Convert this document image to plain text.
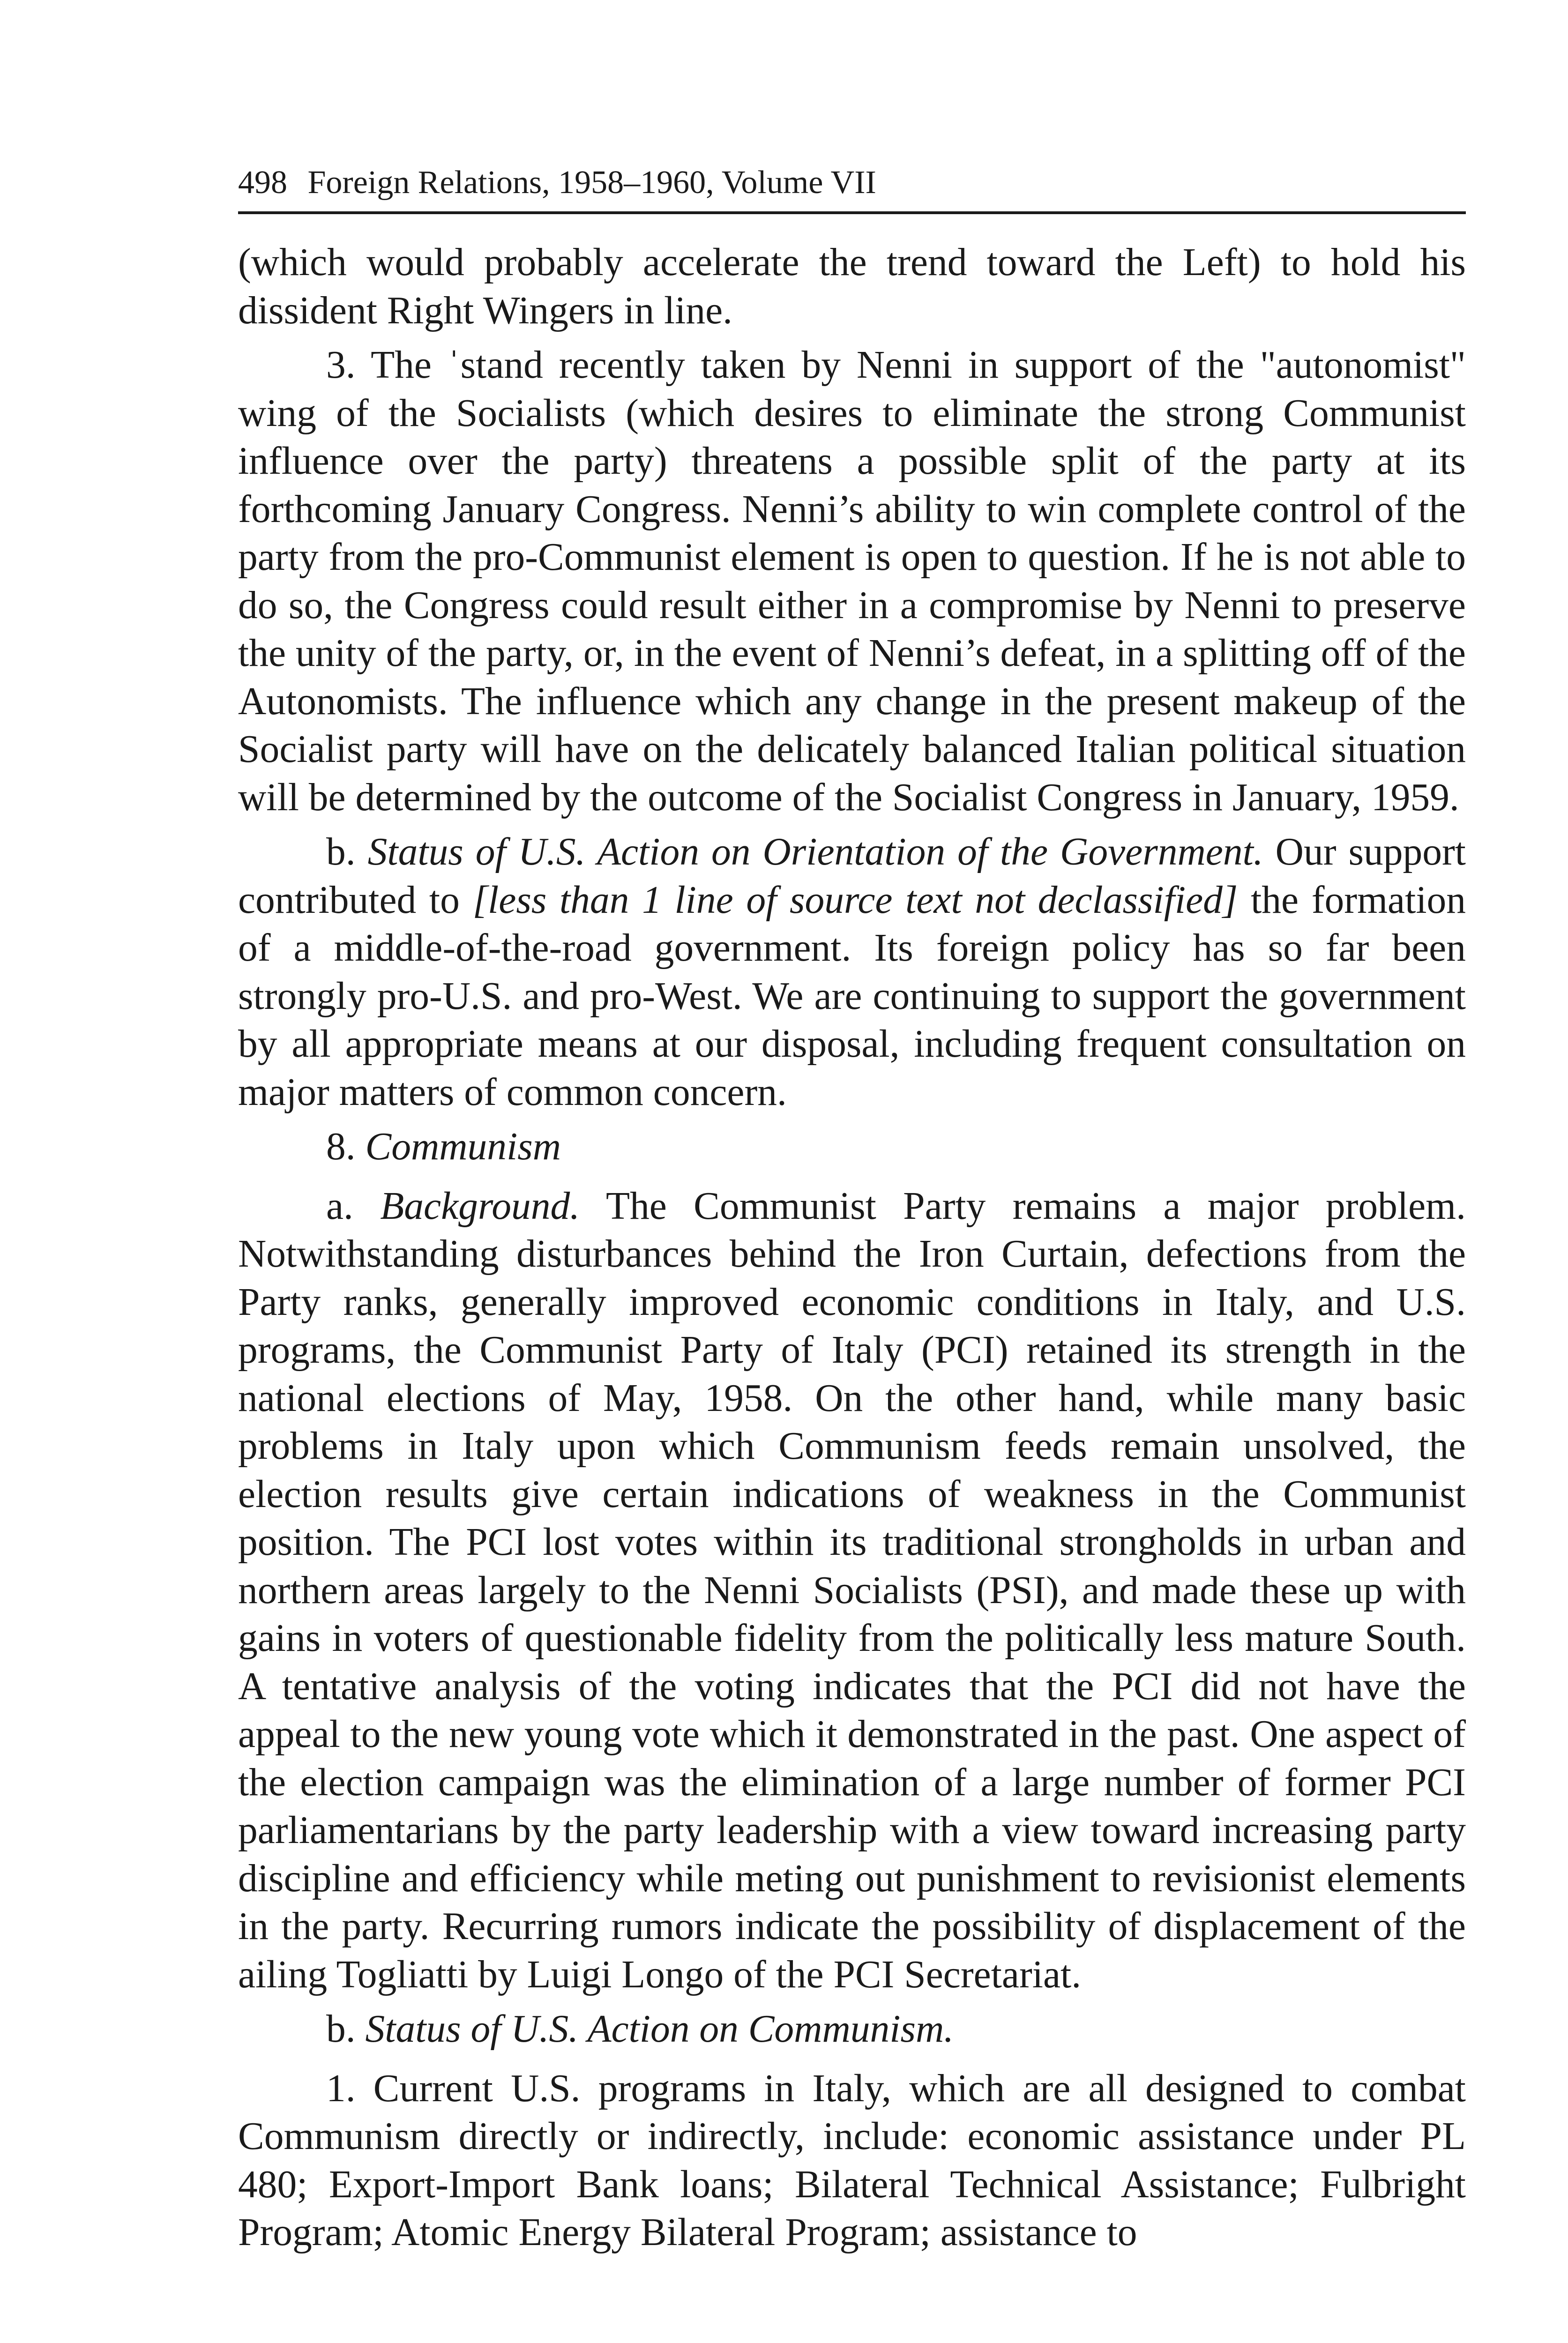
498 Foreign Relations, 1958–1960, Volume VII

(which would probably accelerate the trend toward the Left) to hold his dissident Right Wingers in line.

3. The ˈstand recently taken by Nenni in support of the "autonomist" wing of the Socialists (which desires to eliminate the strong Communist influence over the party) threatens a possible split of the party at its forthcoming January Congress. Nenni’s ability to win complete control of the party from the pro-Communist element is open to question. If he is not able to do so, the Congress could result either in a compromise by Nenni to preserve the unity of the party, or, in the event of Nenni’s defeat, in a splitting off of the Autonomists. The influence which any change in the present makeup of the Socialist party will have on the delicately balanced Italian political situation will be determined by the outcome of the Socialist Congress in January, 1959.

b. Status of U.S. Action on Orientation of the Government. Our support contributed to [less than 1 line of source text not declassified] the formation of a middle-of-the-road government. Its foreign policy has so far been strongly pro-U.S. and pro-West. We are continuing to support the government by all appropriate means at our disposal, including frequent consultation on major matters of common concern.

8. Communism

a. Background. The Communist Party remains a major problem. Notwithstanding disturbances behind the Iron Curtain, defections from the Party ranks, generally improved economic conditions in Italy, and U.S. programs, the Communist Party of Italy (PCI) retained its strength in the national elections of May, 1958. On the other hand, while many basic problems in Italy upon which Communism feeds remain unsolved, the election results give certain indications of weakness in the Communist position. The PCI lost votes within its traditional strongholds in urban and northern areas largely to the Nenni Socialists (PSI), and made these up with gains in voters of questionable fidelity from the politically less mature South. A tentative analysis of the voting indicates that the PCI did not have the appeal to the new young vote which it demonstrated in the past. One aspect of the election campaign was the elimination of a large number of former PCI parliamentarians by the party leadership with a view toward increasing party discipline and efficiency while meting out punishment to revisionist elements in the party. Recurring rumors indicate the possibility of displacement of the ailing Togliatti by Luigi Longo of the PCI Secretariat.

b. Status of U.S. Action on Communism.

1. Current U.S. programs in Italy, which are all designed to combat Communism directly or indirectly, include: economic assistance under PL 480; Export-Import Bank loans; Bilateral Technical Assistance; Fulbright Program; Atomic Energy Bilateral Program; assistance to
